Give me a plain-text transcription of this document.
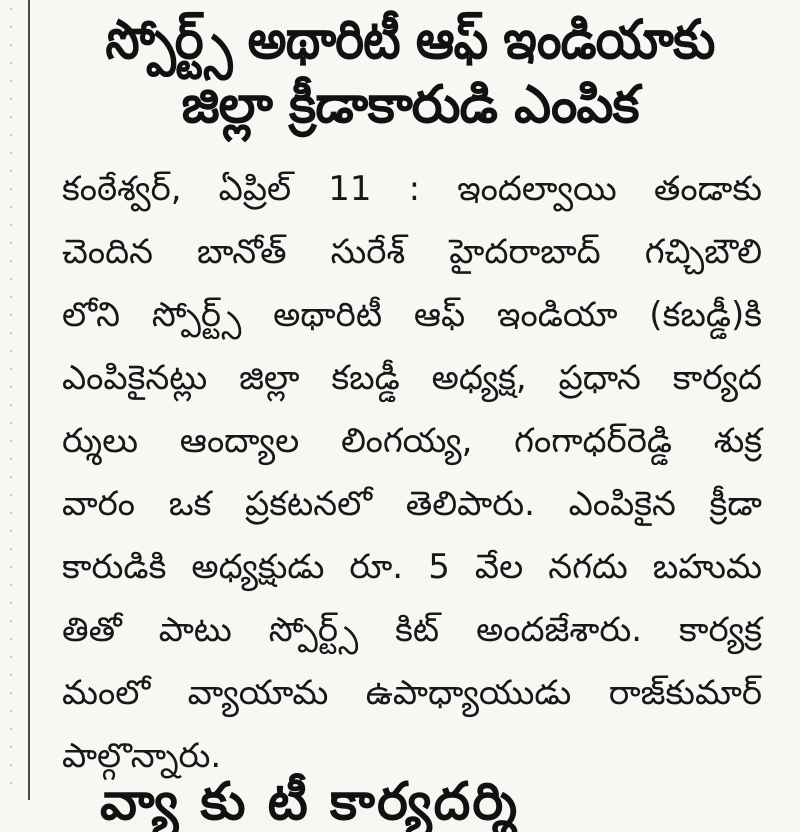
స్పోర్ట్స్ అథారిటీ ఆఫ్ ఇండియాకు
జిల్లా క్రీడాకారుడి ఎంపిక
కంఠేశ్వర్, ఏప్రిల్ 11 : ఇందల్వాయి తండాకు
చెందిన బానోత్ సురేశ్ హైదరాబాద్ గచ్చిబౌలి
లోని స్పోర్ట్స్ అథారిటీ ఆఫ్ ఇండియా (కబడ్డీ)కి
ఎంపికైనట్లు జిల్లా కబడ్డీ అధ్యక్ష, ప్రధాన కార్యద
ర్శులు ఆంద్యాల లింగయ్య, గంగాధర్‌రెడ్డి శుక్ర
వారం ఒక ప్రకటనలో తెలిపారు. ఎంపికైన క్రీడా
కారుడికి అధ్యక్షుడు రూ. 5 వేల నగదు బహుమ
తితో పాటు స్పోర్ట్స్ కిట్ అందజేశారు. కార్యక్ర
మంలో వ్యాయామ ఉపాధ్యాయుడు రాజ్‌కుమార్
పాల్గొన్నారు.
వ్యా కు టీ కార్యదర్శి
